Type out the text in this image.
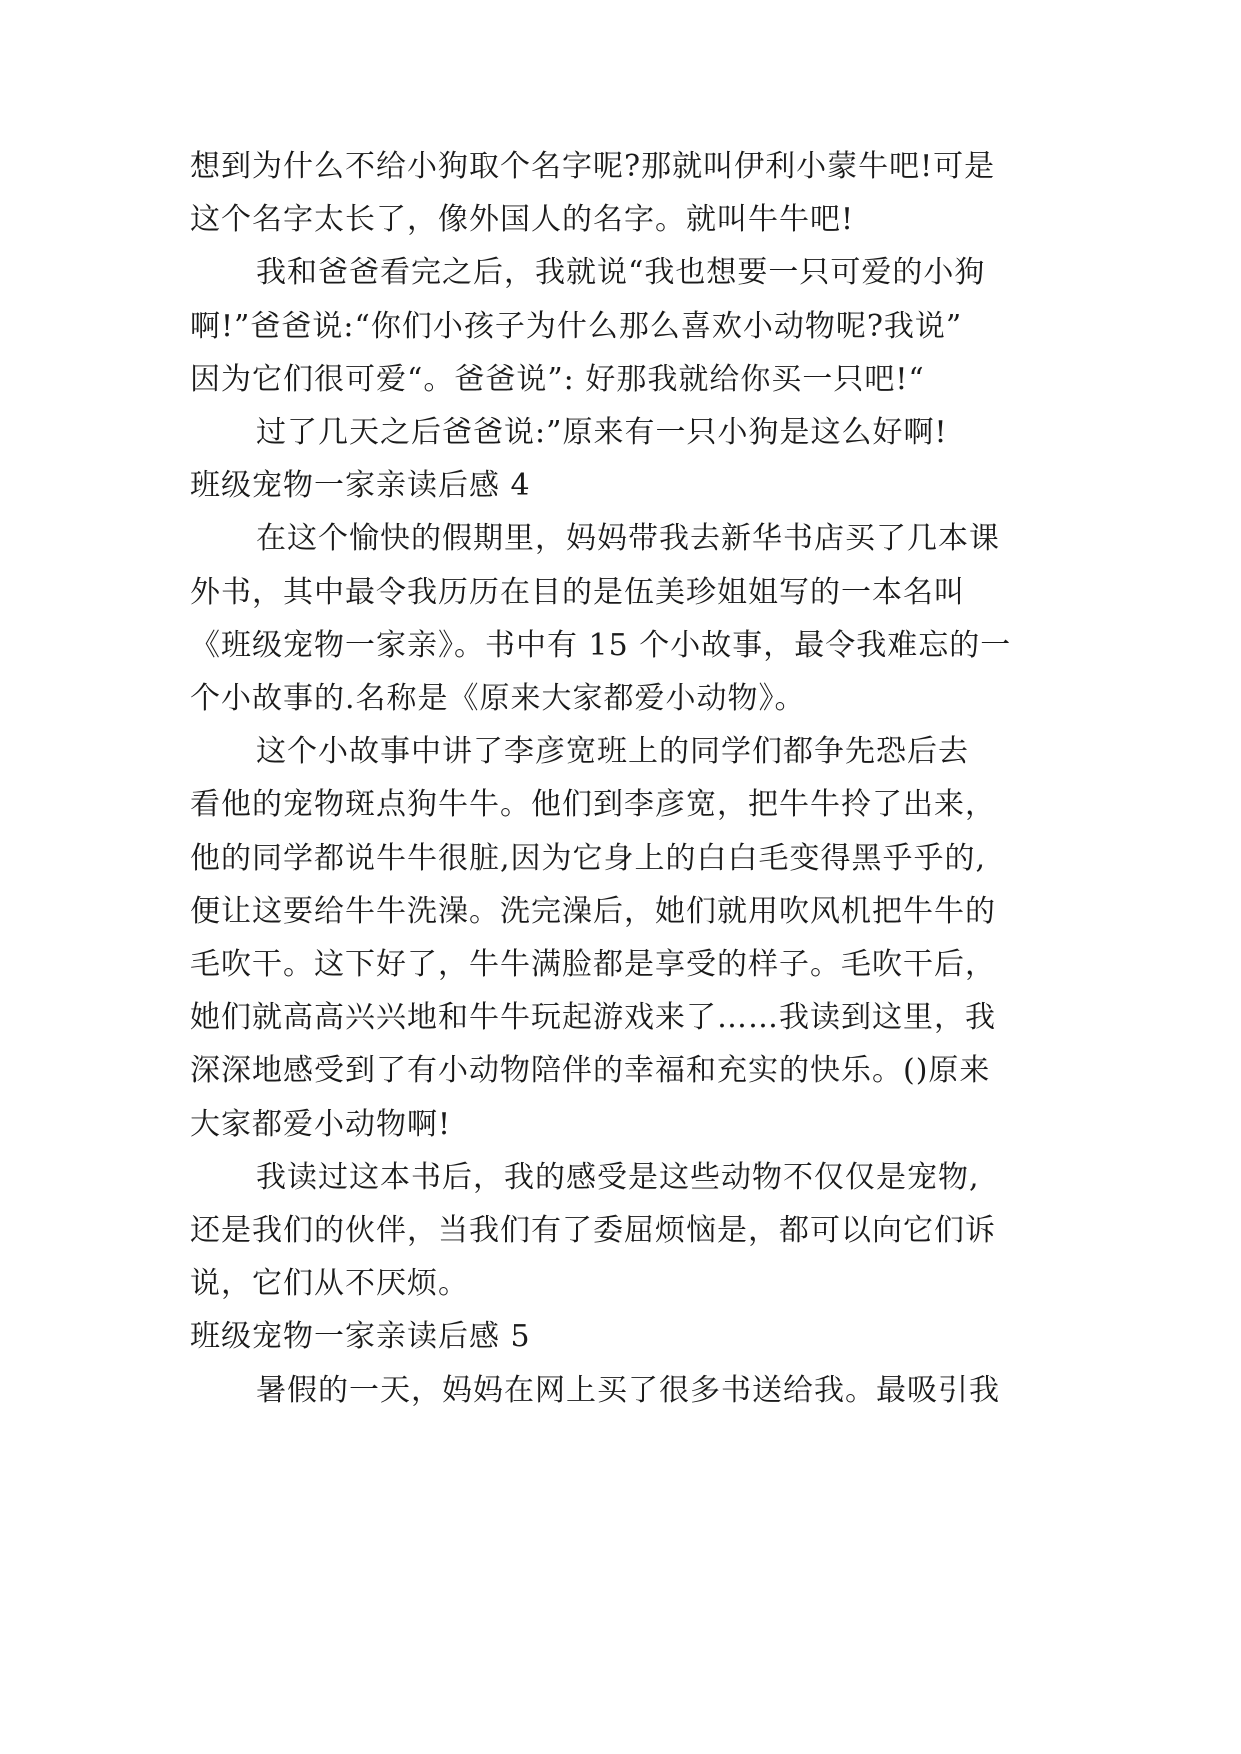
想到为什么不给小狗取个名字呢?那就叫伊利小蒙牛吧!可是
这个名字太长了，像外国人的名字。就叫牛牛吧!
我和爸爸看完之后，我就说“我也想要一只可爱的小狗
啊!”爸爸说:“你们小孩子为什么那么喜欢小动物呢?我说”
因为它们很可爱“。爸爸说”: 好那我就给你买一只吧!“
过了几天之后爸爸说:”原来有一只小狗是这么好啊!
班级宠物一家亲读后感 4
在这个愉快的假期里，妈妈带我去新华书店买了几本课
外书，其中最令我历历在目的是伍美珍姐姐写的一本名叫
《班级宠物一家亲》。书中有 15 个小故事，最令我难忘的一
个小故事的.名称是《原来大家都爱小动物》。
这个小故事中讲了李彦宽班上的同学们都争先恐后去
看他的宠物斑点狗牛牛。他们到李彦宽，把牛牛拎了出来，
他的同学都说牛牛很脏,因为它身上的白白毛变得黑乎乎的,
便让这要给牛牛洗澡。洗完澡后，她们就用吹风机把牛牛的
毛吹干。这下好了，牛牛满脸都是享受的样子。毛吹干后，
她们就高高兴兴地和牛牛玩起游戏来了……我读到这里，我
深深地感受到了有小动物陪伴的幸福和充实的快乐。()原来
大家都爱小动物啊!
我读过这本书后，我的感受是这些动物不仅仅是宠物,
还是我们的伙伴，当我们有了委屈烦恼是，都可以向它们诉
说，它们从不厌烦。
班级宠物一家亲读后感 5
暑假的一天，妈妈在网上买了很多书送给我。最吸引我
